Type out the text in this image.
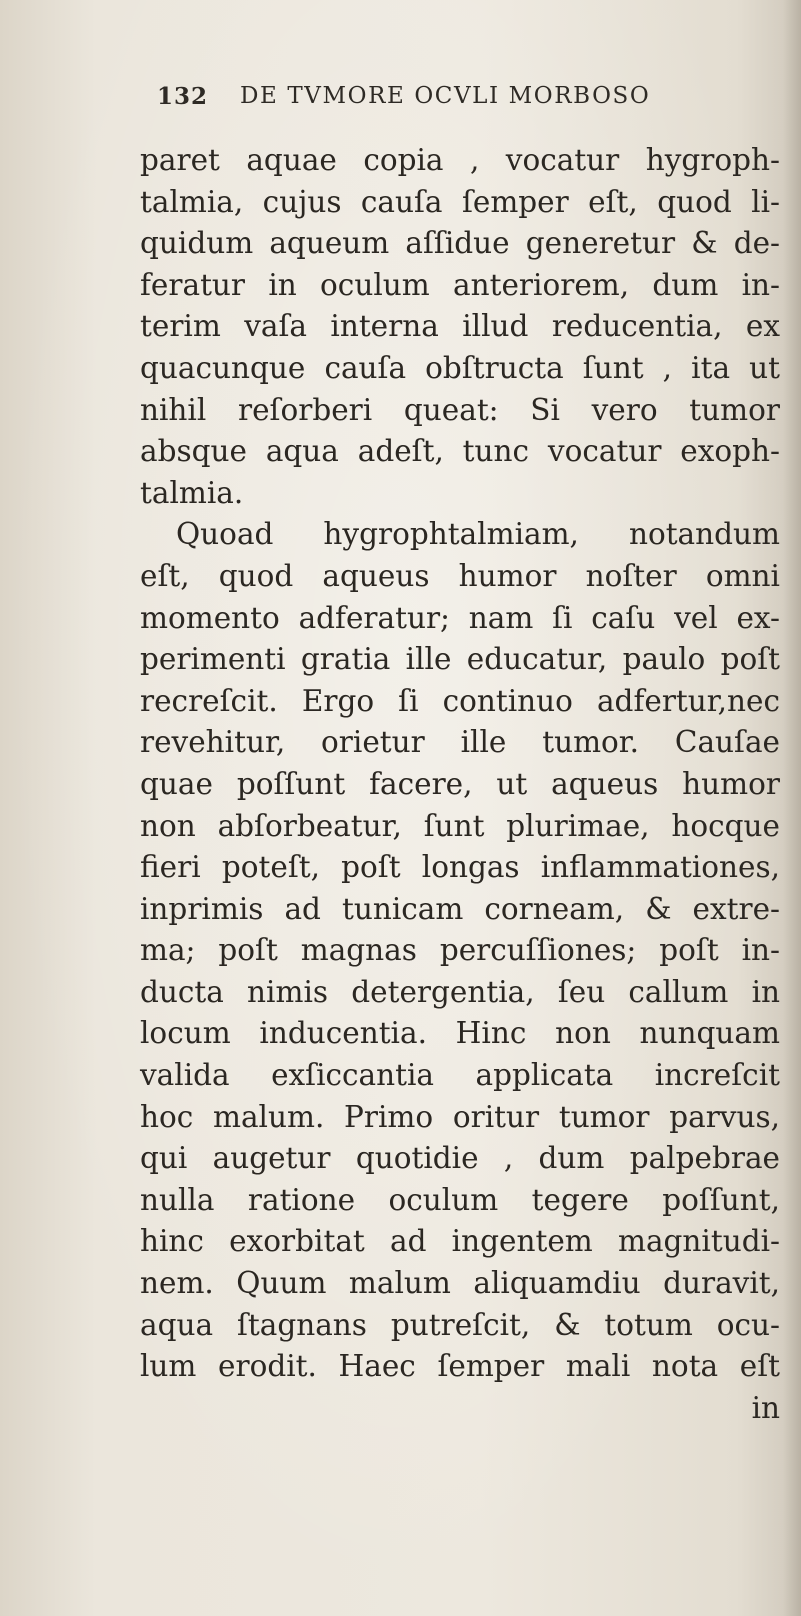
132 DE TVMORE OCVLI MORBOSO
paret aquae copia , vocatur hygroph-
talmia, cujus cauſa ſemper eſt, quod li-
quidum aqueum aſſidue generetur & de-
feratur in oculum anteriorem, dum in-
terim vaſa interna illud reducentia, ex
quacunque cauſa obſtructa ſunt , ita ut
nihil reſorberi queat: Si vero tumor
absque aqua adeſt, tunc vocatur exoph-
talmia.
Quoad hygrophtalmiam, notandum
eſt, quod aqueus humor noſter omni
momento adferatur; nam ſi caſu vel ex-
perimenti gratia ille educatur, paulo poſt
recreſcit. Ergo ſi continuo adfertur,nec
revehitur, orietur ille tumor. Cauſae
quae poſſunt facere, ut aqueus humor
non abſorbeatur, ſunt plurimae, hocque
fieri poteſt, poſt longas inflammationes,
inprimis ad tunicam corneam, & extre-
ma; poſt magnas percuſſiones; poſt in-
ducta nimis detergentia, ſeu callum in
locum inducentia. Hinc non nunquam
valida exſiccantia applicata increſcit
hoc malum. Primo oritur tumor parvus,
qui augetur quotidie , dum palpebrae
nulla ratione oculum tegere poſſunt,
hinc exorbitat ad ingentem magnitudi-
nem. Quum malum aliquamdiu duravit,
aqua ſtagnans putreſcit, & totum ocu-
lum erodit. Haec ſemper mali nota eſt
in
